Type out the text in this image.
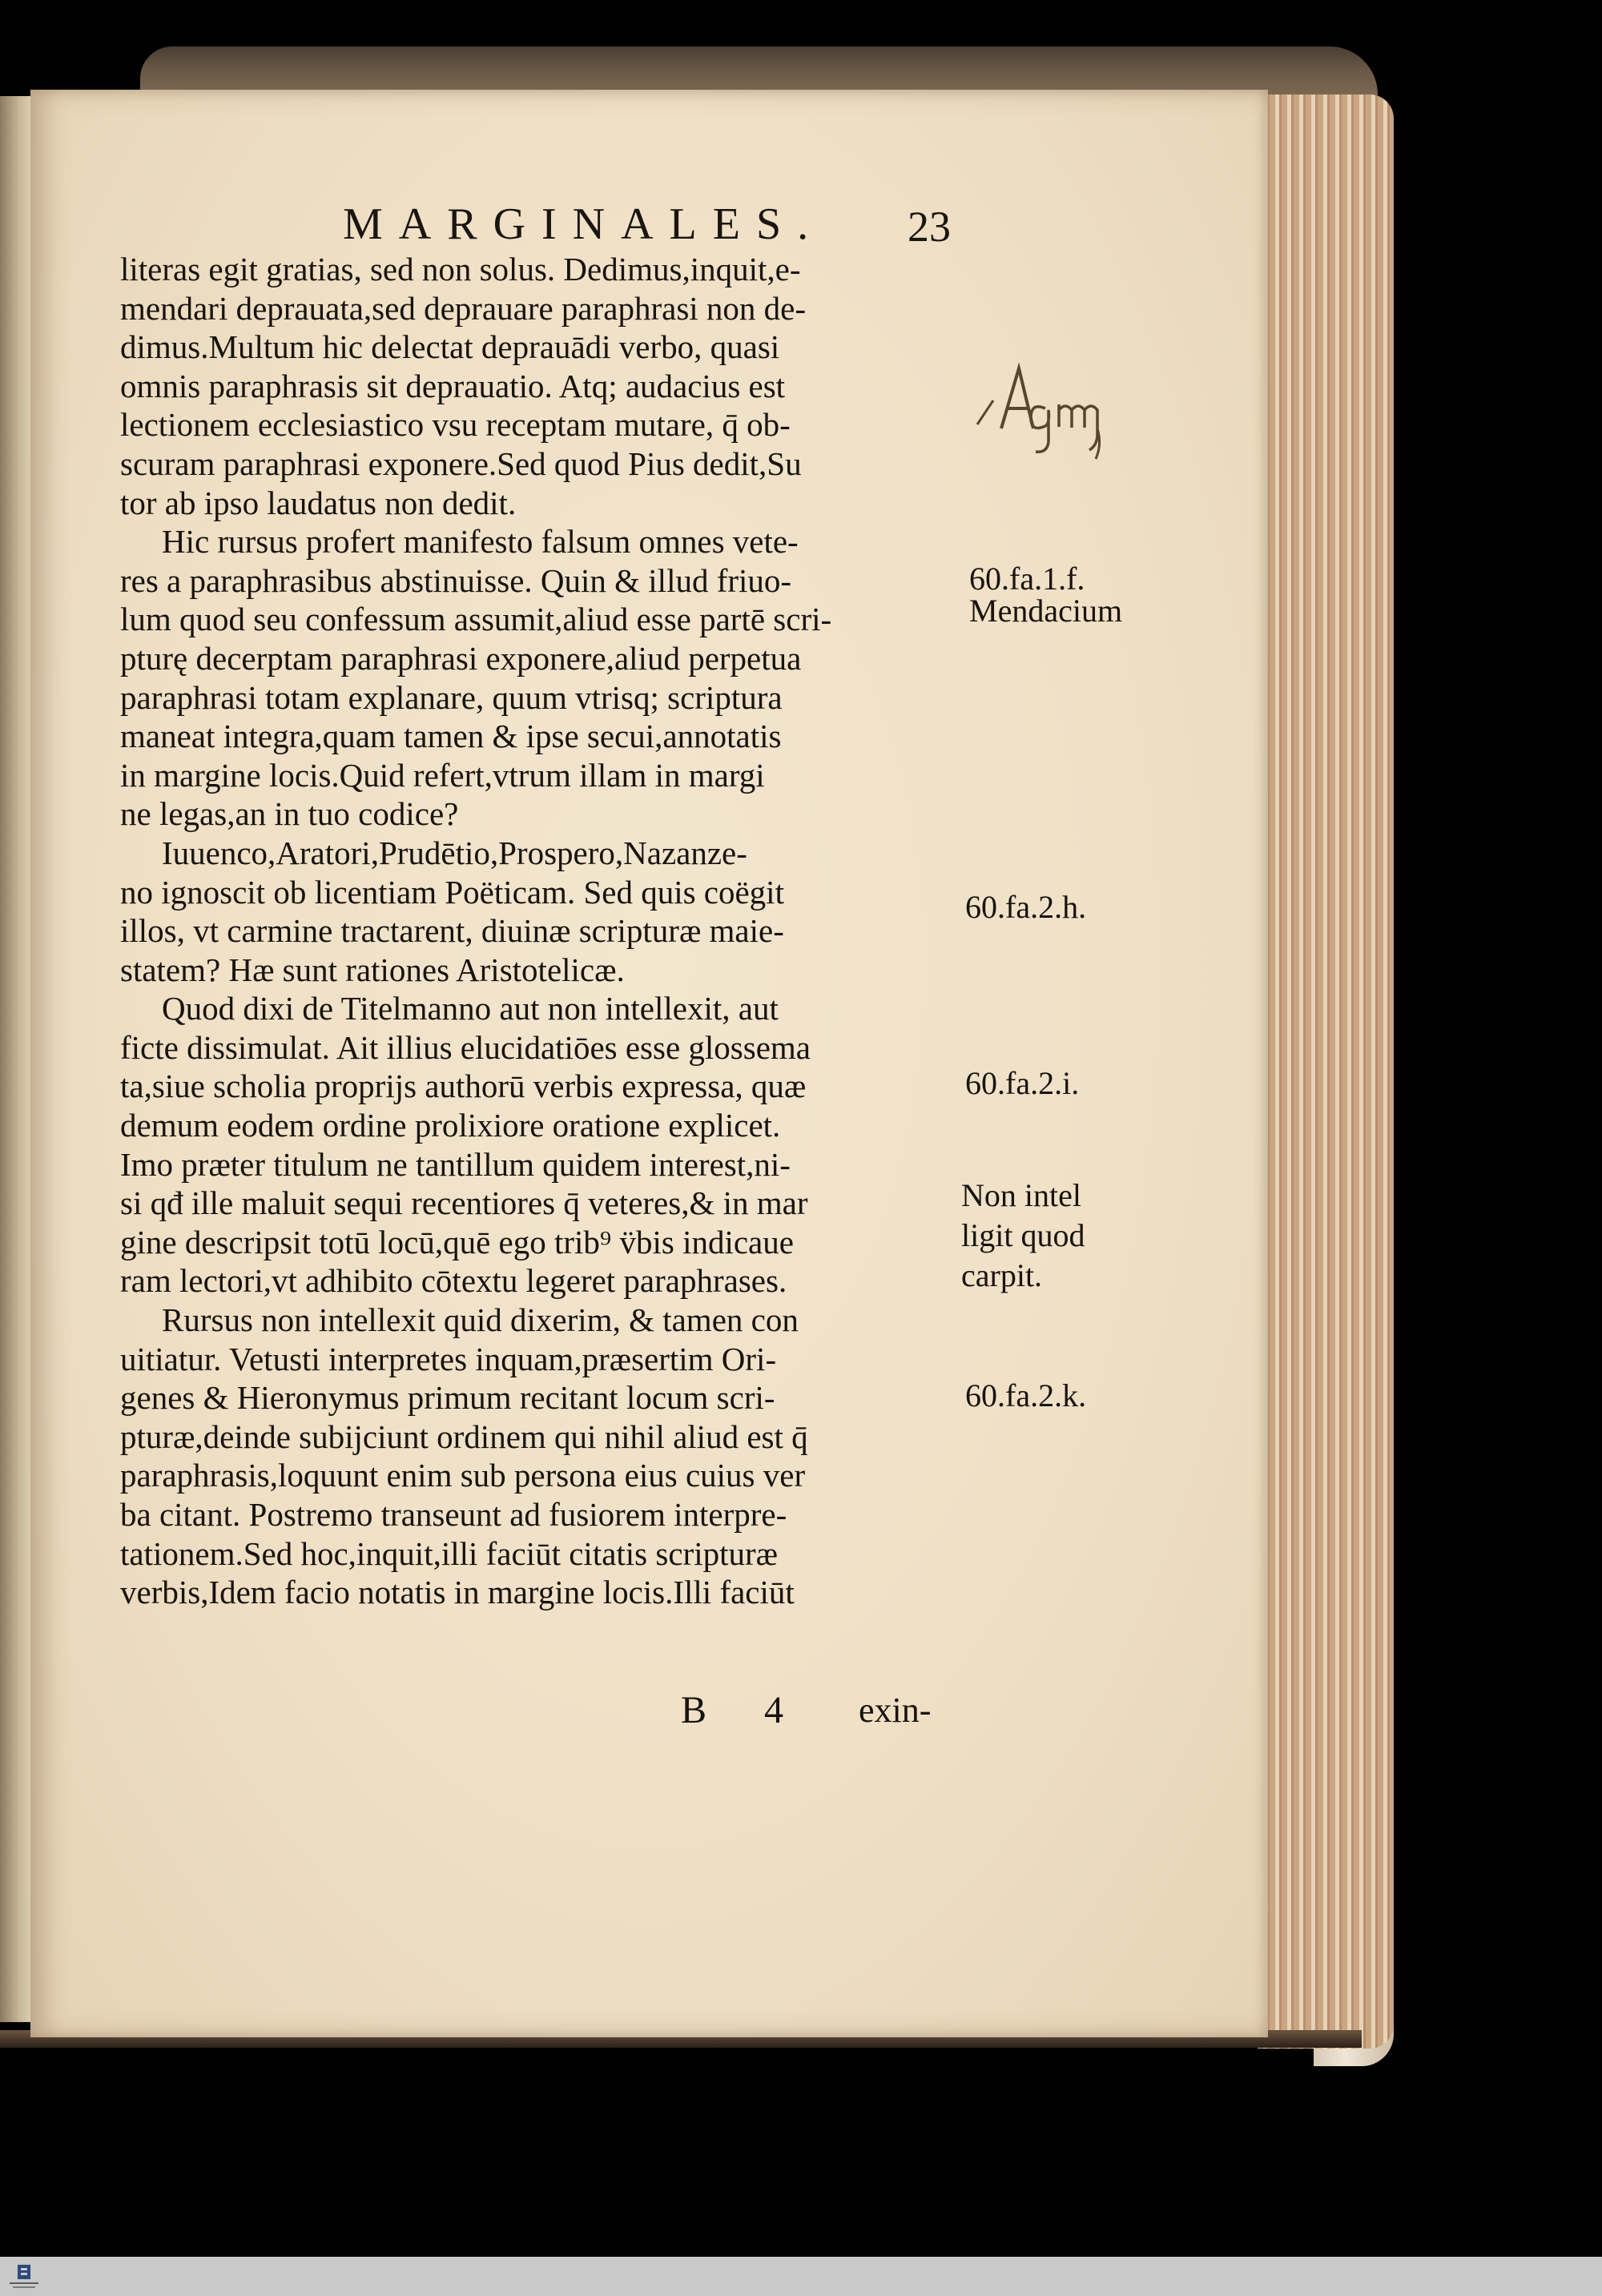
MARGINALES. 23
literas egit gratias, sed non solus. Dedimus,inquit,e-
mendari deprauata,sed deprauare paraphrasi non de-
dimus.Multum hic delectat deprauādi verbo, quasi
omnis paraphrasis sit deprauatio. Atq; audacius est
lectionem ecclesiastico vsu receptam mutare, q̄ ob-
scuram paraphrasi exponere.Sed quod Pius dedit,Su
tor ab ipso laudatus non dedit.
Hic rursus profert manifesto falsum omnes vete-
res a paraphrasibus abstinuisse. Quin & illud friuo-
lum quod seu confessum assumit,aliud esse partē scri-
pturę decerptam paraphrasi exponere,aliud perpetua
paraphrasi totam explanare, quum vtrisq; scriptura
maneat integra,quam tamen & ipse secui,annotatis
in margine locis.Quid refert,vtrum illam in margi
ne legas,an in tuo codice?
Iuuenco,Aratori,Prudētio,Prospero,Nazanze-
no ignoscit ob licentiam Poëticam. Sed quis coëgit
illos, vt carmine tractarent, diuinæ scripturæ maie-
statem? Hæ sunt rationes Aristotelicæ.
Quod dixi de Titelmanno aut non intellexit, aut
ficte dissimulat. Ait illius elucidatiōes esse glossema
ta,siue scholia proprijs authorū verbis expressa, quæ
demum eodem ordine prolixiore oratione explicet.
Imo præter titulum ne tantillum quidem interest,ni-
si qđ ille maluit sequi recentiores q̄ veteres,& in mar
gine descripsit totū locū,quē ego trib⁹ v̈bis indicaue
ram lectori,vt adhibito cōtextu legeret paraphrases.
Rursus non intellexit quid dixerim, & tamen con
uitiatur. Vetusti interpretes inquam,præsertim Ori-
genes & Hieronymus primum recitant locum scri-
pturæ,deinde subijciunt ordinem qui nihil aliud est q̄
paraphrasis,loquunt enim sub persona eius cuius ver
ba citant. Postremo transeunt ad fusiorem interpre-
tationem.Sed hoc,inquit,illi faciūt citatis scripturæ
verbis,Idem facio notatis in margine locis.Illi faciūt
60.fa.1.f.
Mendacium
60.fa.2.h.
60.fa.2.i.
Non intel
ligit quod
carpit.
60.fa.2.k.
B 4 exin-
